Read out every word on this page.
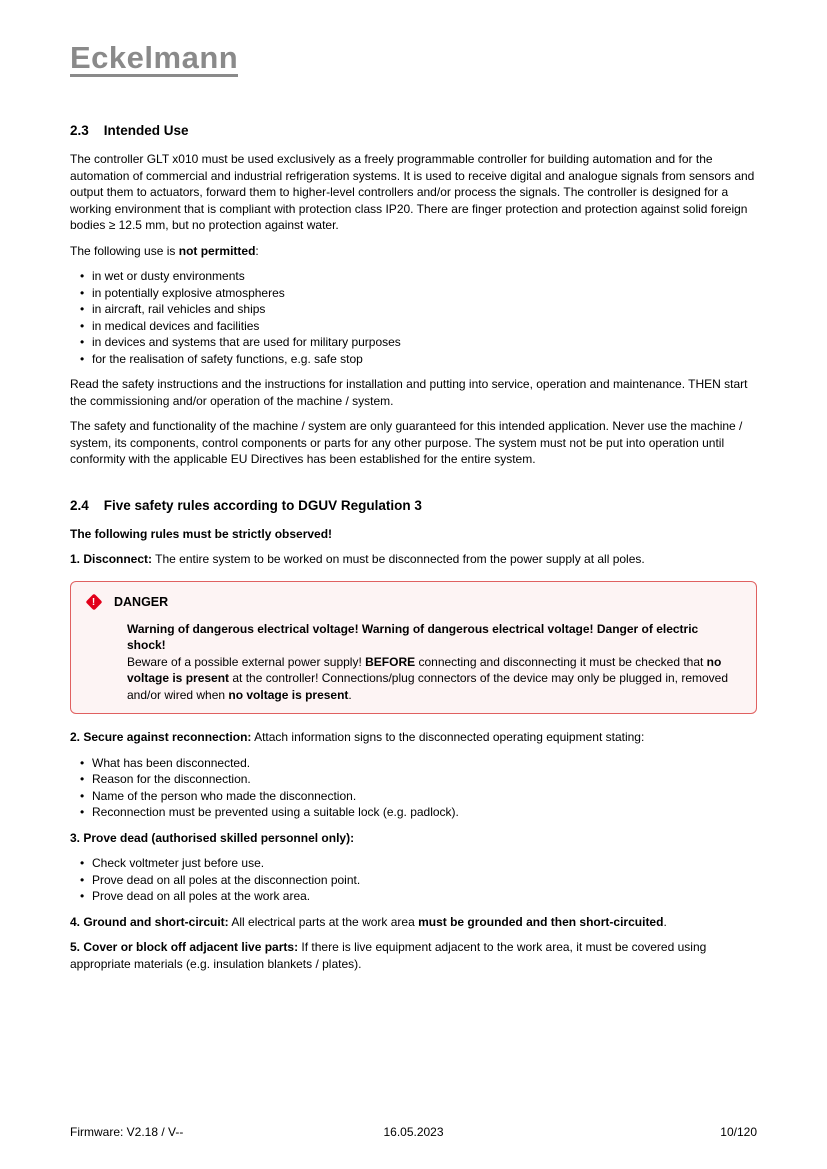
Eckelmann
2.3 Intended Use

The controller GLT x010 must be used exclusively as a freely programmable controller for building automation and for the automation of commercial and industrial refrigeration systems. It is used to receive digital and analogue signals from sensors and output them to actuators, forward them to higher-level controllers and/or process the signals. The controller is designed for a working environment that is compliant with protection class IP20. There are finger protection and protection against solid foreign bodies ≥ 12.5 mm, but no protection against water.

The following use is not permitted:

• in wet or dusty environments
• in potentially explosive atmospheres
• in aircraft, rail vehicles and ships
• in medical devices and facilities
• in devices and systems that are used for military purposes
• for the realisation of safety functions, e.g. safe stop

Read the safety instructions and the instructions for installation and putting into service, operation and maintenance. THEN start the commissioning and/or operation of the machine / system.

The safety and functionality of the machine / system are only guaranteed for this intended application. Never use the machine / system, its components, control components or parts for any other purpose. The system must not be put into operation until conformity with the applicable EU Directives has been established for the entire system.

2.4 Five safety rules according to DGUV Regulation 3

The following rules must be strictly observed!

1. Disconnect: The entire system to be worked on must be disconnected from the power supply at all poles.

!	DANGER

Warning of dangerous electrical voltage! Warning of dangerous electrical voltage! Danger of electric shock!

Beware of a possible external power supply! BEFORE connecting and disconnecting it must be checked that no voltage is present at the controller! Connections/plug connectors of the device may only be plugged in, removed and/or wired when no voltage is present.

2. Secure against reconnection: Attach information signs to the disconnected operating equipment stating:

• What has been disconnected.
• Reason for the disconnection.
• Name of the person who made the disconnection.
• Reconnection must be prevented using a suitable lock (e.g. padlock).

3. Prove dead (authorised skilled personnel only):

• Check voltmeter just before use.
• Prove dead on all poles at the disconnection point.
• Prove dead on all poles at the work area.

4. Ground and short-circuit: All electrical parts at the work area must be grounded and then short-circuited.

5. Cover or block off adjacent live parts: If there is live equipment adjacent to the work area, it must be covered using appropriate materials (e.g. insulation blankets / plates).

Firmware: V2.18 / V--	16.05.2023	10/120
